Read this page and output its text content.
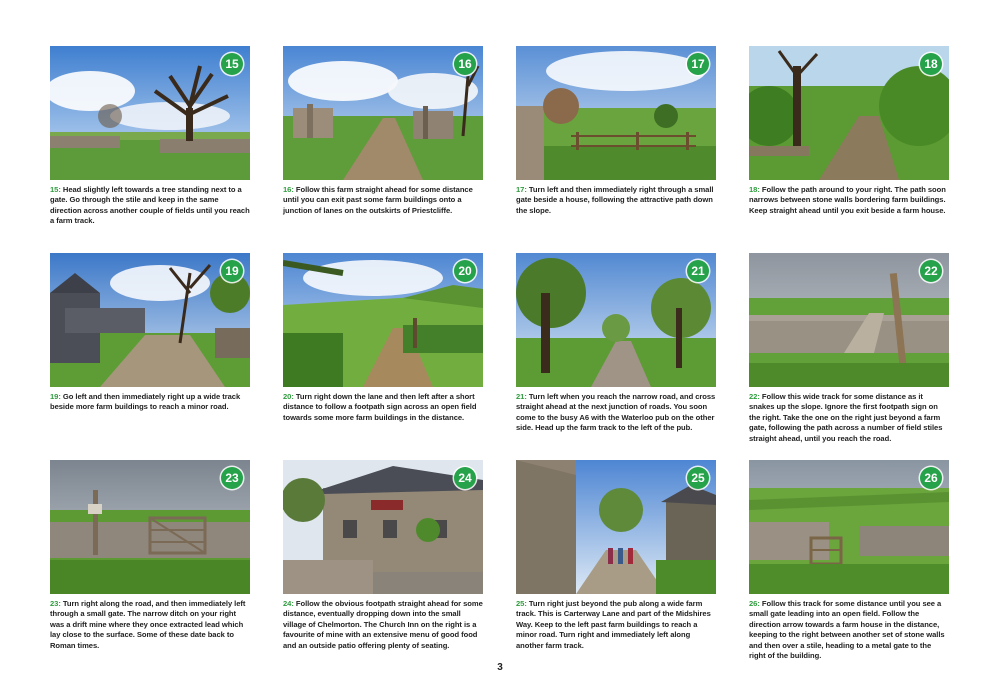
15

15: Head slightly left towards a tree standing next to a gate. Go through the stile and keep in the same direction across another couple of fields until you reach a farm track.

16

16: Follow this farm straight ahead for some distance until you can exit past some farm buildings onto a junction of lanes on the outskirts of Priestcliffe.

17

17: Turn left and then immediately right through a small gate beside a house, following the attractive path down the slope.

18

18: Follow the path around to your right. The path soon narrows between stone walls bordering farm buildings. Keep straight ahead until you exit beside a farm house.

19

19: Go left and then immediately right up a wide track beside more farm buildings to reach a minor road.

20

20: Turn right down the lane and then left after a short distance to follow a footpath sign across an open field towards some more farm buildings in the distance.

21

21: Turn left when you reach the narrow road, and cross straight ahead at the next junction of roads. You soon come to the busy A6 with the Waterloo pub on the other side. Head up the farm track to the left of the pub.

22

22: Follow this wide track for some distance as it snakes up the slope. Ignore the first footpath sign on the right. Take the one on the right just beyond a farm gate, following the path across a number of field stiles straight ahead, until you reach the road.

23

23: Turn right along the road, and then immediately left through a small gate. The narrow ditch on your right was a drift mine where they once extracted lead which lay close to the surface. Some of these date back to Roman times.

24

24: Follow the obvious footpath straight ahead for some distance, eventually dropping down into the small village of Chelmorton. The Church Inn on the right is a favourite of mine with an extensive menu of good food and an outside patio offering plenty of seating.

25

25: Turn right just beyond the pub along a wide farm track. This is Carterway Lane and part of the Midshires Way. Keep to the left past farm buildings to reach a minor road. Turn right and immediately left along another farm track.

26

26: Follow this track for some distance until you see a small gate leading into an open field. Follow the direction arrow towards a farm house in the distance, keeping to the right between another set of stone walls and then over a stile, heading to a metal gate to the right of the building.

3
